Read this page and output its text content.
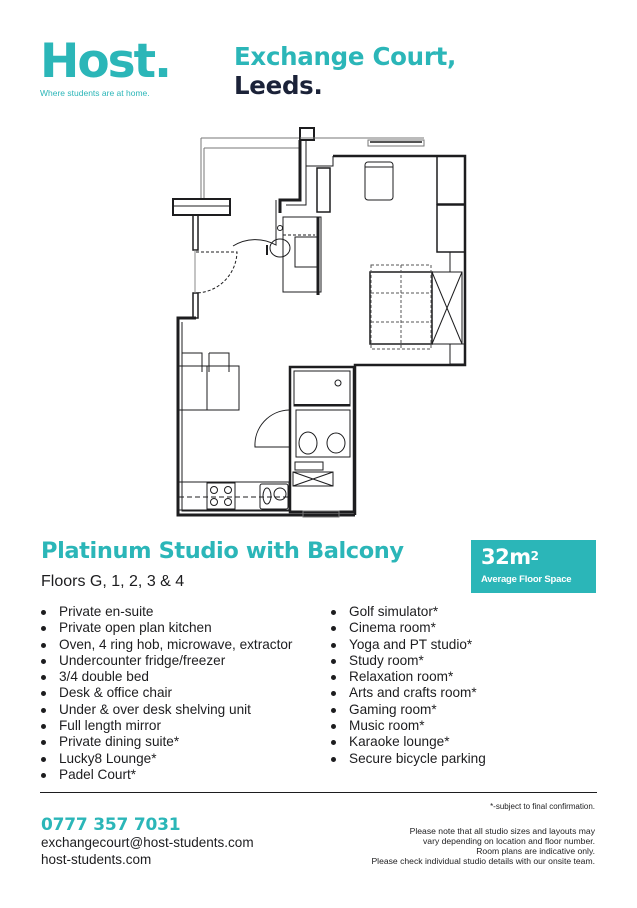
Host.
Where students are at home.
Exchange Court,
Leeds.
Platinum Studio with Balcony
Floors G, 1, 2, 3 & 4
$32m^2$
Average Floor Space
Private en-suite
Private open plan kitchen
Oven, 4 ring hob, microwave, extractor
Undercounter fridge/freezer
3/4 double bed
Desk & office chair
Under & over desk shelving unit
Full length mirror
Private dining suite*
Lucky8 Lounge*
Padel Court*
Golf simulator*
Cinema room*
Yoga and PT studio*
Study room*
Relaxation room*
Arts and crafts room*
Gaming room*
Music room*
Karaoke lounge*
Secure bicycle parking
*-subject to final confirmation.
0777 357 7031
exchangecourt@host-students.com
host-students.com
Please note that all studio sizes and layouts may
vary depending on location and floor number.
Room plans are indicative only.
Please check individual studio details with our onsite team.
